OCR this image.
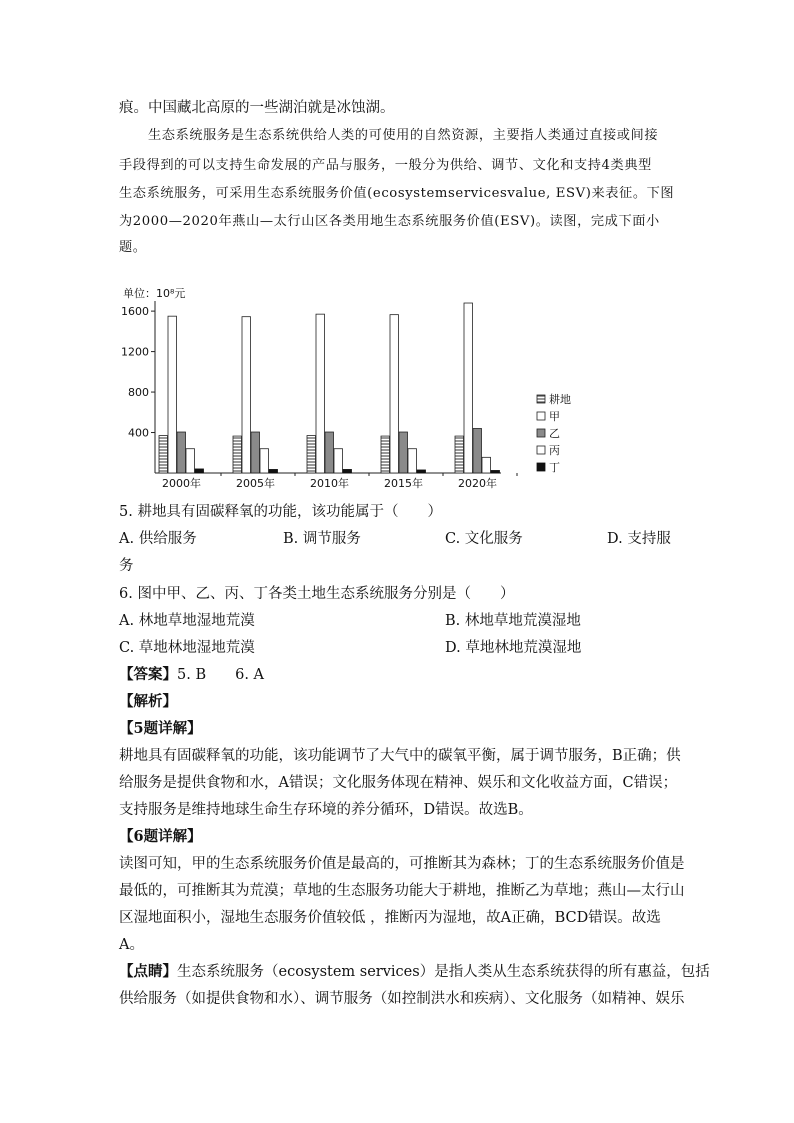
痕。中国藏北高原的一些湖泊就是冰蚀湖。
生态系统服务是生态系统供给人类的可使用的自然资源，主要指人类通过直接或间接
手段得到的可以支持生命发展的产品与服务，一般分为供给、调节、文化和支持4类典型
生态系统服务，可采用生态系统服务价值(ecosystemservicesvalue, ESV)来表征。下图
为2000—2020年燕山—太行山区各类用地生态系统服务价值(ESV)。读图，完成下面小
题。
单位：10⁸元
400
800
1200
1600
2000年	2005年	2010年	2015年	2020年
耕地
甲
乙
丙
丁
5. 耕地具有固碳释氧的功能，该功能属于（　　）
A. 供给服务	B. 调节服务	C. 文化服务	D. 支持服
务
6. 图中甲、乙、丙、丁各类土地生态系统服务分别是（　　）
A. 林地草地湿地荒漠	B. 林地草地荒漠湿地
C. 草地林地湿地荒漠	D. 草地林地荒漠湿地
【答案】5. B　　6. A
【解析】
【5题详解】
耕地具有固碳释氧的功能，该功能调节了大气中的碳氧平衡，属于调节服务，B正确；供
给服务是提供食物和水，A错误；文化服务体现在精神、娱乐和文化收益方面，C错误；
支持服务是维持地球生命生存环境的养分循环，D错误。故选B。
【6题详解】
读图可知，甲的生态系统服务价值是最高的，可推断其为森林；丁的生态系统服务价值是
最低的，可推断其为荒漠；草地的生态服务功能大于耕地，推断乙为草地；燕山—太行山
区湿地面积小，湿地生态服务价值较低 ，推断丙为湿地，故A正确，BCD错误。故选
A。
【点睛】生态系统服务（ecosystem services）是指人类从生态系统获得的所有惠益，包括
供给服务（如提供食物和水）、调节服务（如控制洪水和疾病）、文化服务（如精神、娱乐
